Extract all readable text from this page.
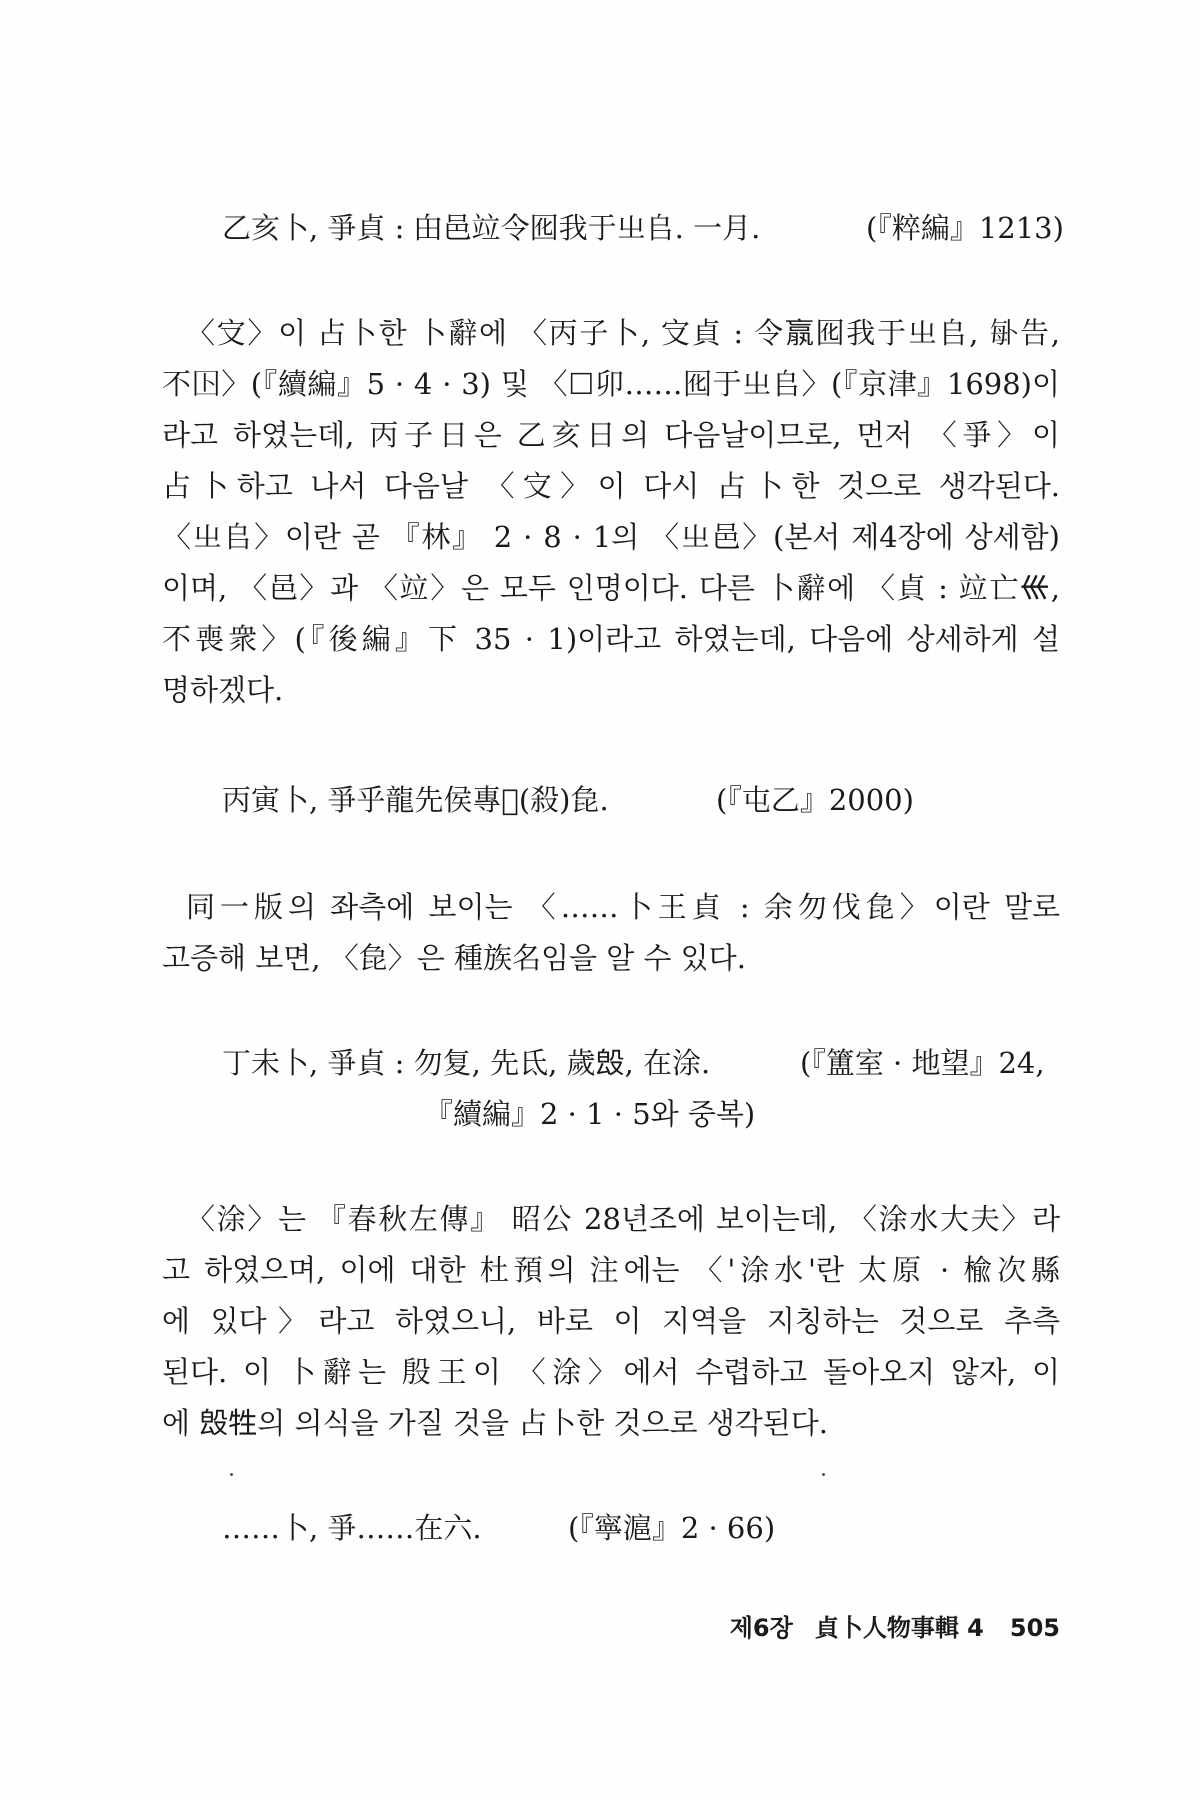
乙亥卜, 爭貞 : 甶邑竝令囮我于㞢𠂤. 一月.	(『粹編』1213)
〈㝊〉이 占卜한 卜辭에 〈丙子卜, 㝊貞 : 令𣎆囮我于㞢𠂤, 𠧩告,
不𡆥〉(『續編』5 · 4 · 3) 및 〈☐卯……囮于㞢𠂤〉(『京津』1698)이
라고 하였는데, 丙子日은 乙亥日의 다음날이므로, 먼저 〈爭〉이
占卜하고 나서 다음날 〈㝊〉이 다시 占卜한 것으로 생각된다.
〈㞢𠂤〉이란 곧 『林』 2 · 8 · 1의 〈㞢邑〉(본서 제4장에 상세함)
이며, 〈邑〉과 〈竝〉은 모두 인명이다. 다른 卜辭에 〈貞 : 竝亡𡿧,
不喪衆〉(『後編』下 35 · 1)이라고 하였는데, 다음에 상세하게 설
명하겠다.
丙寅卜, 爭乎龍先侯專𢿱(殺)㲋.	(『屯乙』2000)
同一版의 좌측에 보이는 〈……卜王貞 : 余勿伐㲋〉이란 말로
고증해 보면, 〈㲋〉은 種族名임을 알 수 있다.
丁未卜, 爭貞 : 勿复, 先氐, 歲𣪕, 在涂.	(『簠室 · 地望』24,
『續編』2 · 1 · 5와 중복)
〈涂〉는 『春秋左傳』 昭公 28년조에 보이는데, 〈涂水大夫〉라
고 하였으며, 이에 대한 杜預의 注에는 〈'涂水'란 太原 · 楡次縣
에 있다〉라고 하였으니, 바로 이 지역을 지칭하는 것으로 추측
된다. 이 卜辭는 殷王이 〈涂〉에서 수렵하고 돌아오지 않자, 이
에 𣪕牲의 의식을 가질 것을 占卜한 것으로 생각된다.
……卜, 爭……在六.	(『寧滬』2 · 66)
제6장 貞卜人物事輯 4 505
